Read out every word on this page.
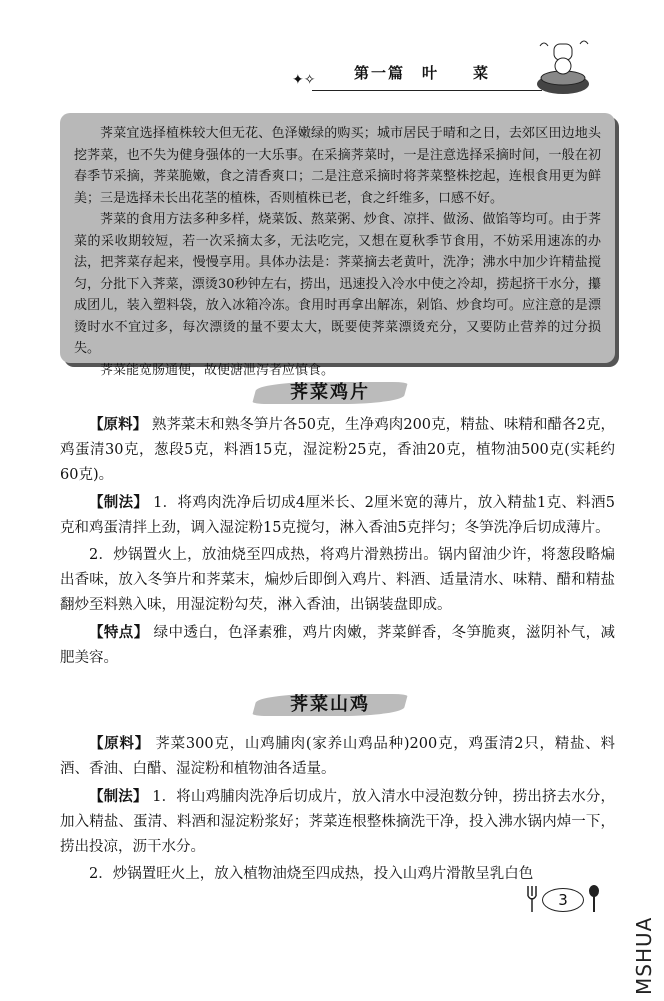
✦✧	第一篇　叶　　菜

荠菜宜选择植株较大但无花、色泽嫩绿的购买；城市居民于晴和之日，去郊区田边地头挖荠菜，也不失为健身强体的一大乐事。在采摘荠菜时，一是注意选择采摘时间，一般在初春季节采摘，荠菜脆嫩，食之清香爽口；二是注意采摘时将荠菜整株挖起，连根食用更为鲜美；三是选择未长出花茎的植株，否则植株已老，食之纤维多，口感不好。

荠菜的食用方法多种多样，烧菜饭、熬菜粥、炒食、凉拌、做汤、做馅等均可。由于荠菜的采收期较短，若一次采摘太多，无法吃完，又想在夏秋季节食用，不妨采用速冻的办法，把荠菜存起来，慢慢享用。具体办法是：荠菜摘去老黄叶，洗净；沸水中加少许精盐搅匀，分批下入荠菜，漂烫30秒钟左右，捞出，迅速投入冷水中使之冷却，捞起挤干水分，攥成团儿，装入塑料袋，放入冰箱冷冻。食用时再拿出解冻，剁馅、炒食均可。应注意的是漂烫时水不宜过多，每次漂烫的量不要太大，既要使荠菜漂烫充分，又要防止营养的过分损失。

荠菜能宽肠通便，故便溏泄泻者应慎食。

荠菜鸡片

【原料】 熟荠菜末和熟冬笋片各50克，生净鸡肉200克，精盐、味精和醋各2克，鸡蛋清30克，葱段5克，料酒15克，湿淀粉25克，香油20克，植物油500克(实耗约60克)。

【制法】 1．将鸡肉洗净后切成4厘米长、2厘米宽的薄片，放入精盐1克、料酒5克和鸡蛋清拌上劲，调入湿淀粉15克搅匀，淋入香油5克拌匀；冬笋洗净后切成薄片。

2．炒锅置火上，放油烧至四成热，将鸡片滑熟捞出。锅内留油少许，将葱段略煸出香味，放入冬笋片和荠菜末，煸炒后即倒入鸡片、料酒、适量清水、味精、醋和精盐翻炒至料熟入味，用湿淀粉勾芡，淋入香油，出锅装盘即成。

【特点】 绿中透白，色泽素雅，鸡片肉嫩，荠菜鲜香，冬笋脆爽，滋阴补气，减肥美容。

荠菜山鸡

【原料】 荠菜300克，山鸡脯肉(家养山鸡品种)200克，鸡蛋清2只，精盐、料酒、香油、白醋、湿淀粉和植物油各适量。

【制法】 1．将山鸡脯肉洗净后切成片，放入清水中浸泡数分钟，捞出挤去水分，加入精盐、蛋清、料酒和湿淀粉浆好；荠菜连根整株摘洗干净，投入沸水锅内焯一下，捞出投凉，沥干水分。

2．炒锅置旺火上，放入植物油烧至四成热，投入山鸡片滑散呈乳白色

3
MSHUA
